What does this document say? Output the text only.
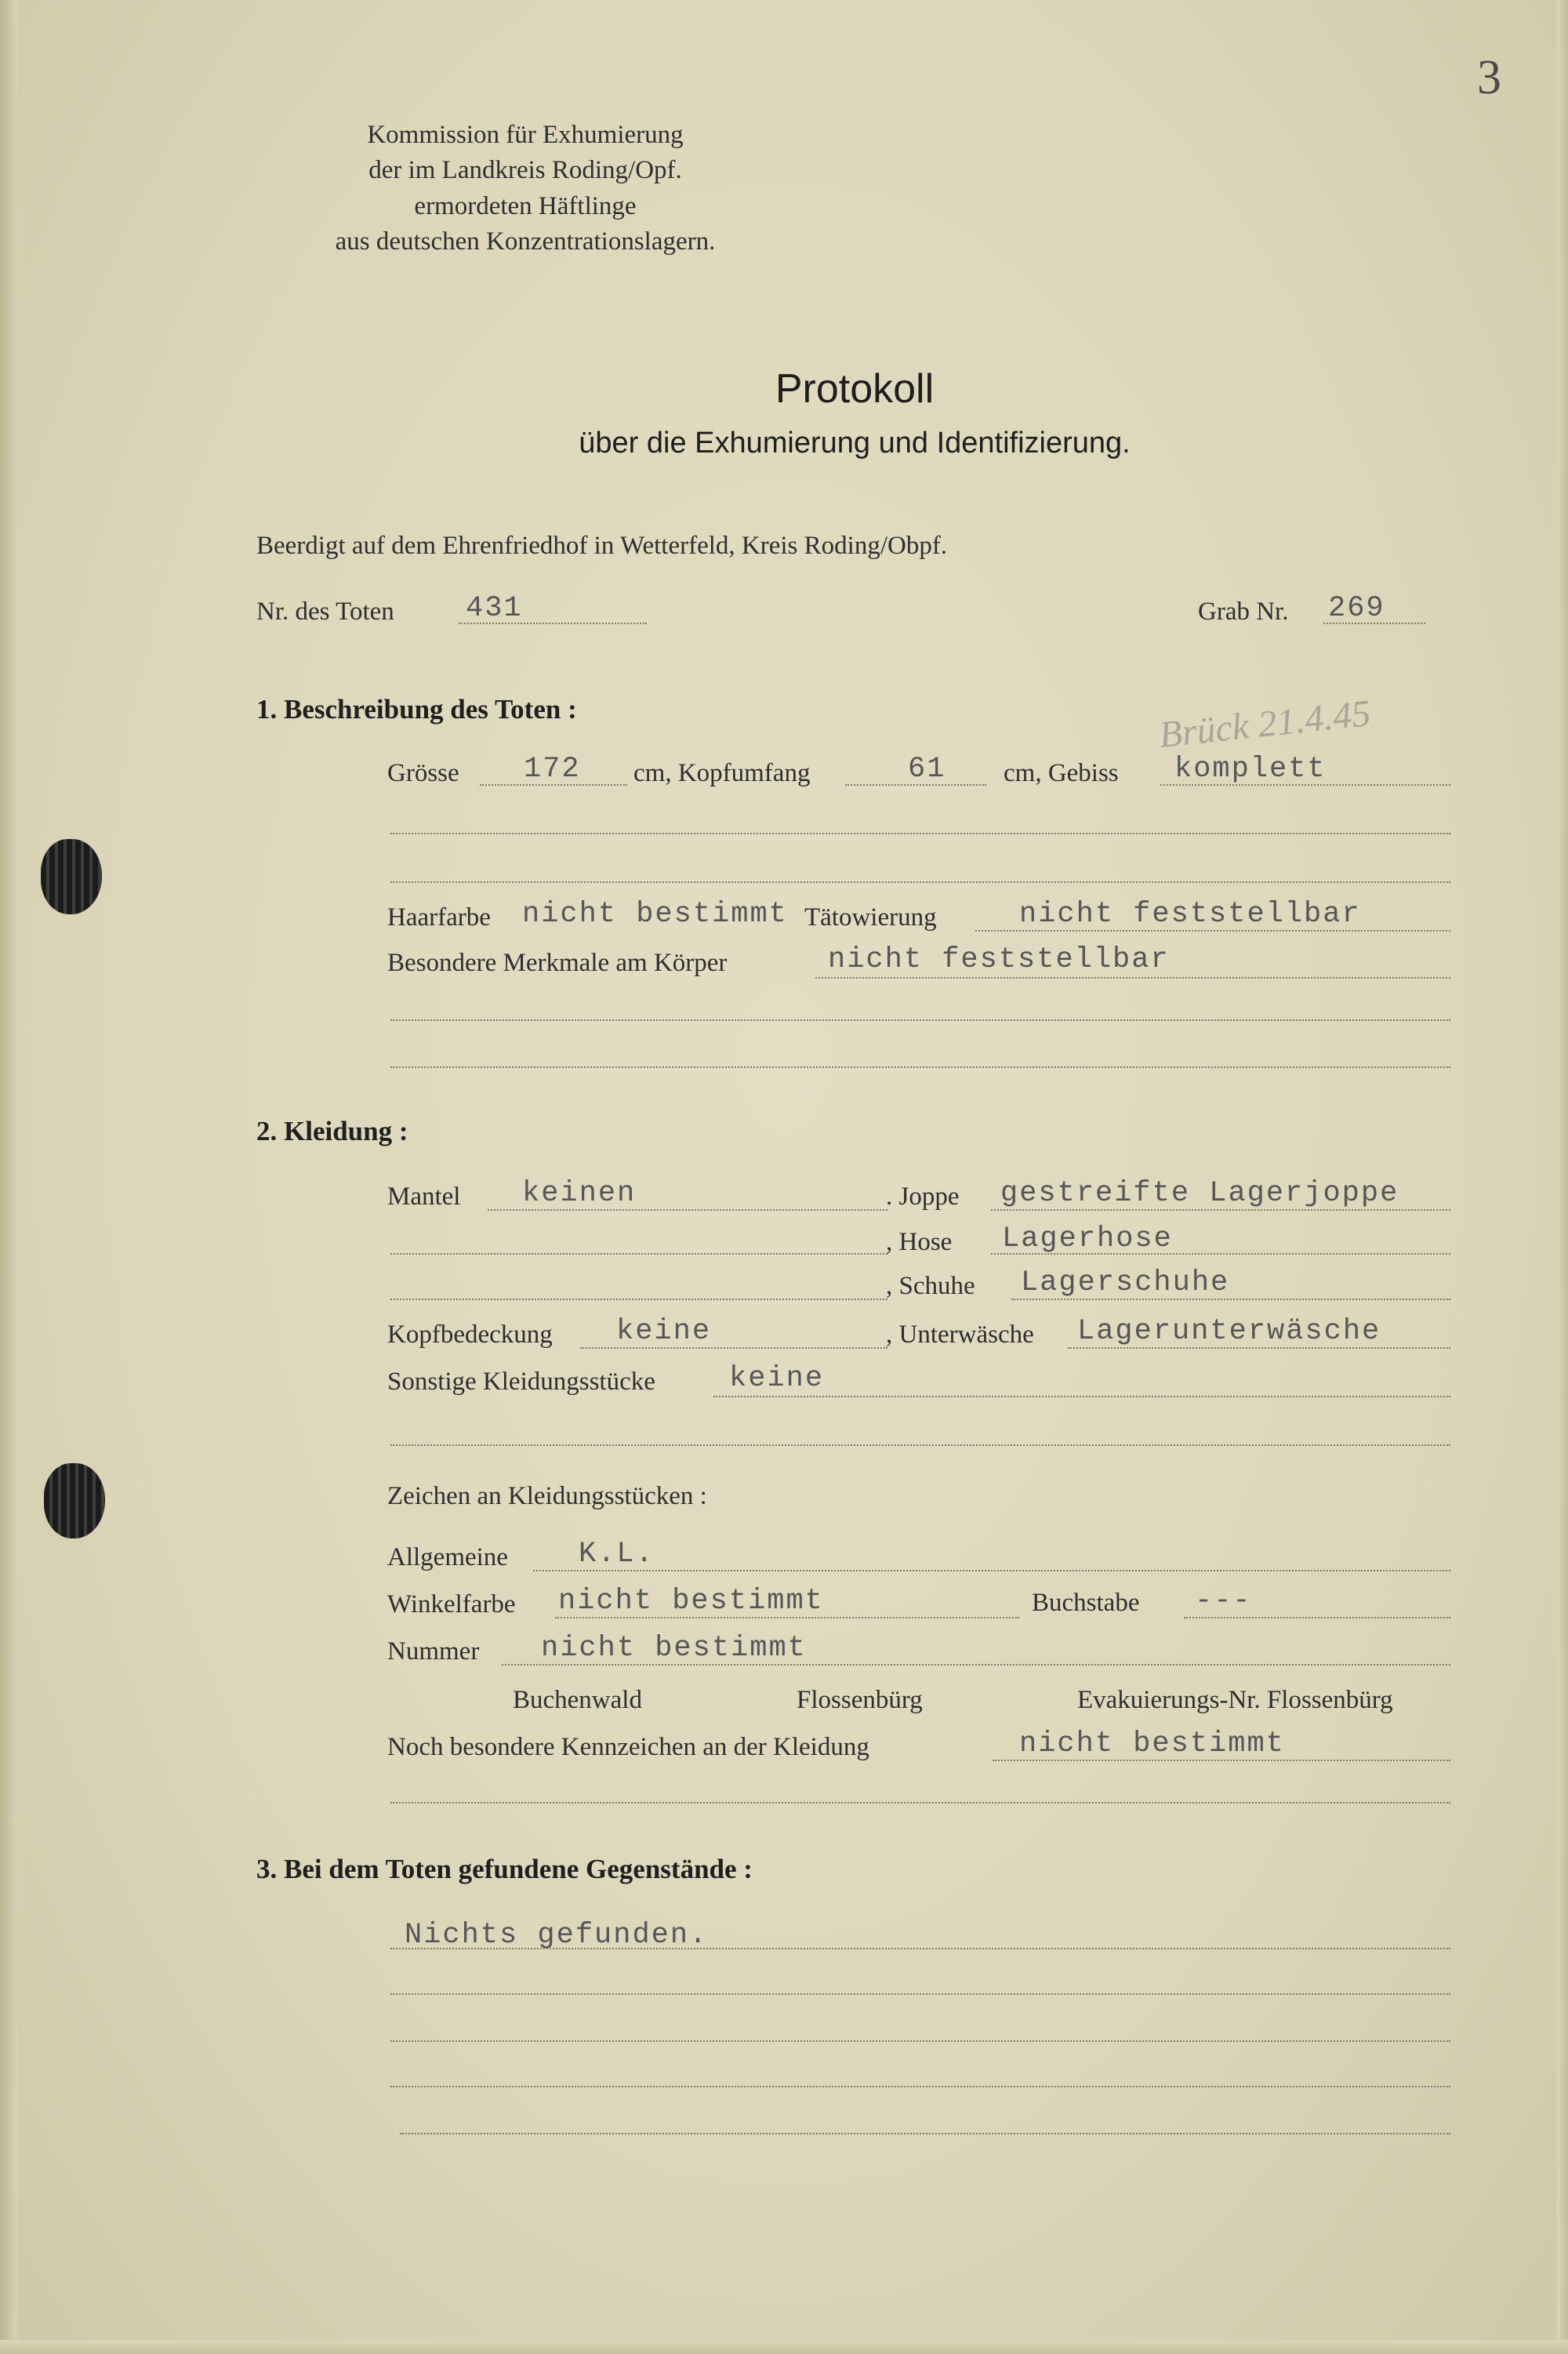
3
Kommission für Exhumierung
der im Landkreis Roding/Opf.
ermordeten Häftlinge
aus deutschen Konzentrationslagern.
Protokoll
über die Exhumierung und Identifizierung.
Beerdigt auf dem Ehrenfriedhof in Wetterfeld, Kreis Roding/Obpf.
Nr. des Toten 431	Grab Nr. 269
Brück 21.4.45
1. Beschreibung des Toten :
Grösse 172 cm, Kopfumfang	61 cm, Gebiss komplett
Haarfarbe nicht bestimmt Tätowierung	nicht feststellbar
Besondere Merkmale am Körper	nicht feststellbar
2. Kleidung :
Mantel keinen	. Joppe gestreifte Lagerjoppe
, Hose Lagerhose
, Schuhe Lagerschuhe
Kopfbedeckung keine	, Unterwäsche Lagerunterwäsche
Sonstige Kleidungsstücke	keine
Zeichen an Kleidungsstücken :
Allgemeine K.L.
Winkelfarbe nicht bestimmt	Buchstabe ---
Nummer nicht bestimmt
Buchenwald	Flossenbürg	Evakuierungs-Nr. Flossenbürg
Noch besondere Kennzeichen an der Kleidung	nicht bestimmt
3. Bei dem Toten gefundene Gegenstände :
Nichts gefunden.
